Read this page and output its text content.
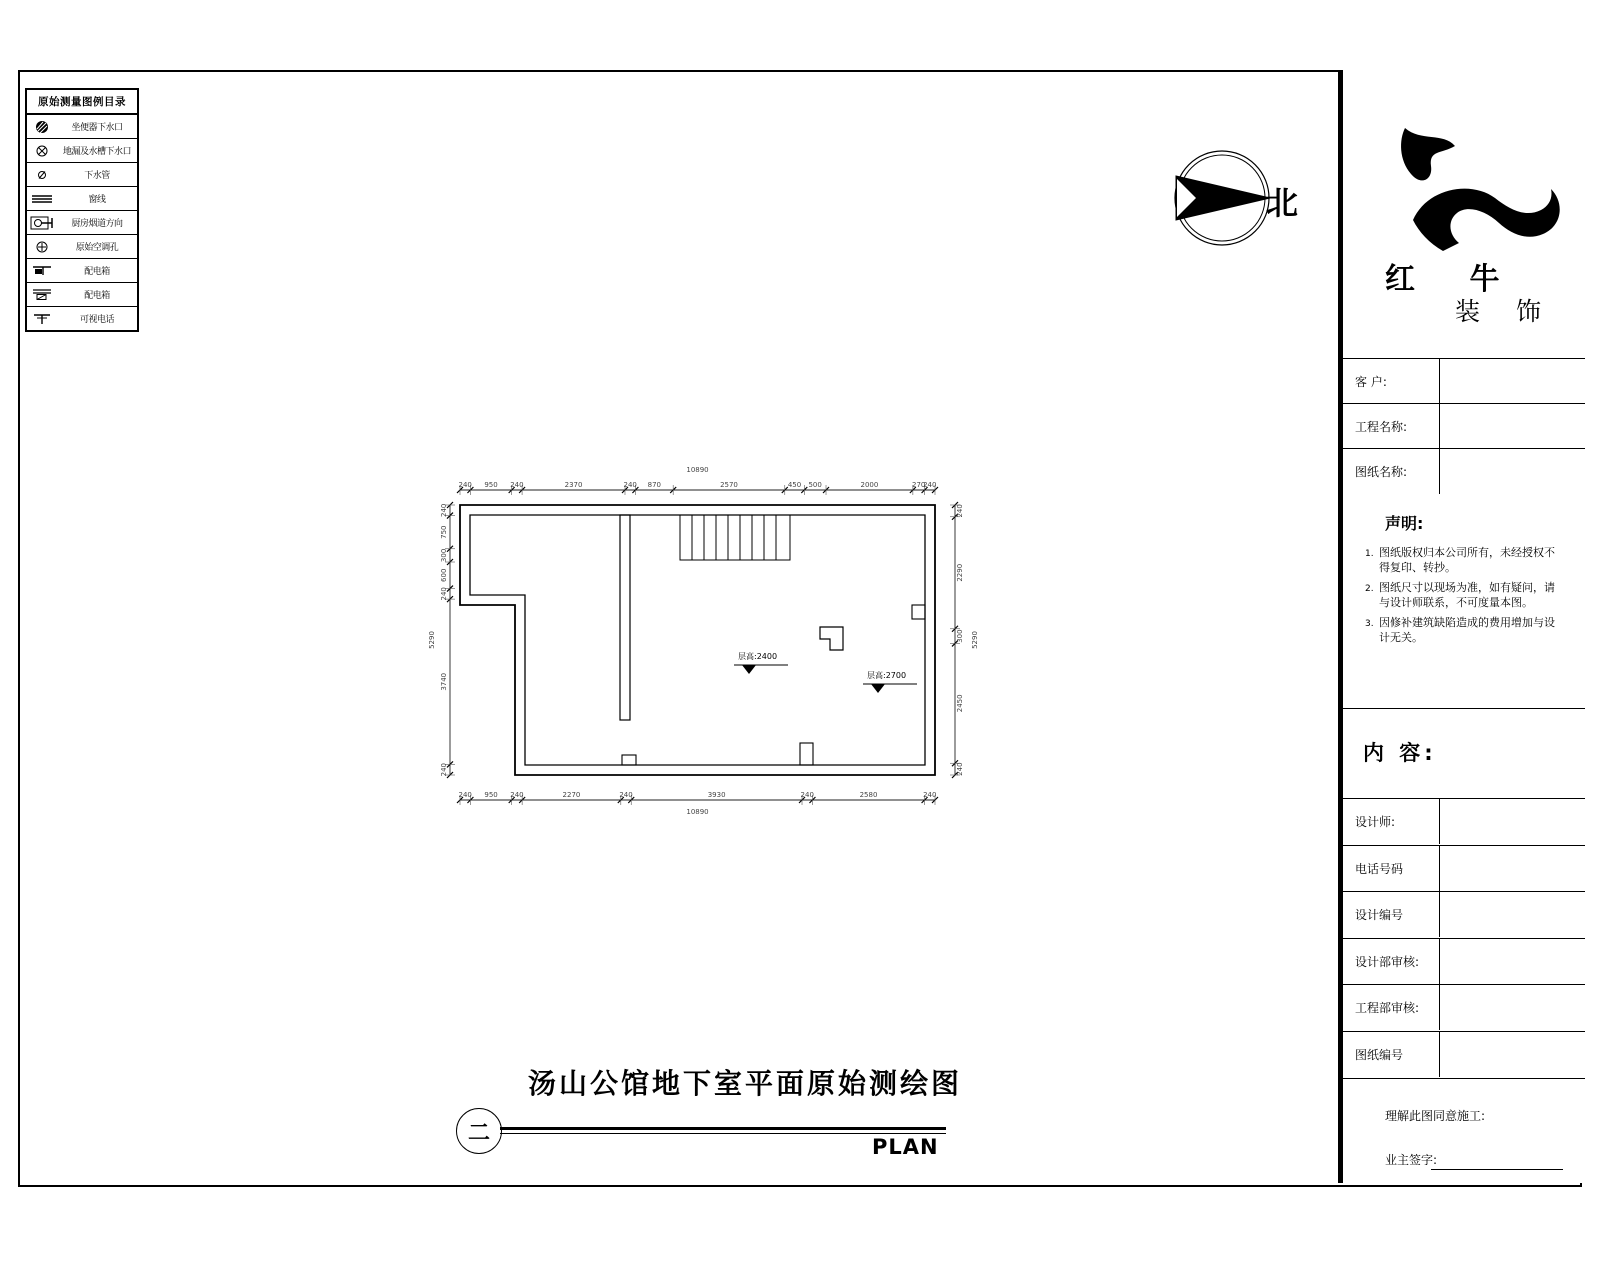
原始测量图例目录
坐便器下水口
地漏及水槽下水口
下水管
窗线
厨房烟道方向
原始空调孔
配电箱
配电箱
可视电话
北
红 牛
装 饰
客 户:
工程名称:
图纸名称:
声明:
1. 图纸版权归本公司所有，未经授权不得复印、转抄。
2. 图纸尺寸以现场为准，如有疑问，请与设计师联系，不可度量本图。
3. 因修补建筑缺陷造成的费用增加与设计无关。
内 容:
设计师:
电话号码
设计编号
设计部审核:
工程部审核:
图纸编号
理解此图同意施工:
业主签字:
240 950 240	2370	240 870	2570	450 500	2000	270
240
10890
240 950 240	2270	240	3930	240	2580	240
10890
240
750
300
600
240
3740
240
5290
240
2290
300
2450
240
5290
层高:2400
层高:2700
二
汤山公馆地下室平面原始测绘图
PLAN
